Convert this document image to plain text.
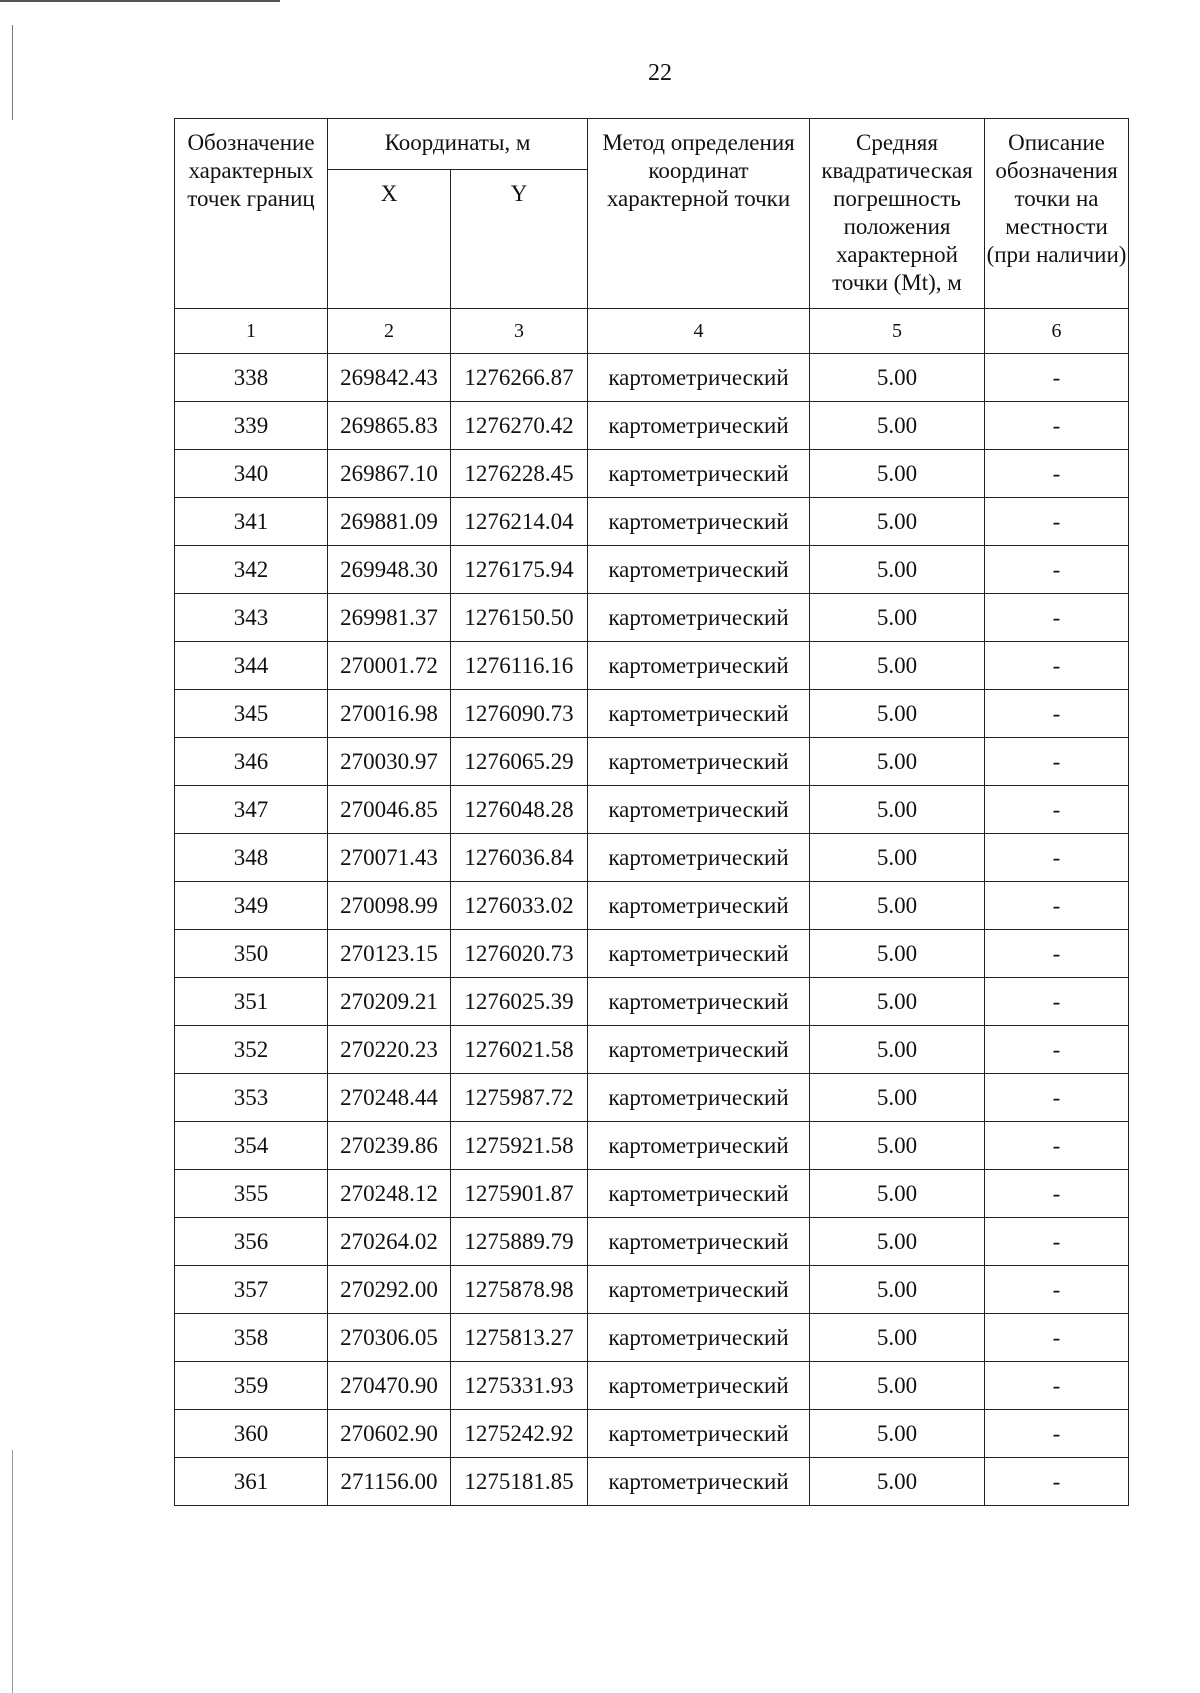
22
Обозначение характерных точек границ	Координаты, м		Метод определения координат характерной точки	Средняя квадратическая погрешность положения характерной точки (Mt), м	Описание обозначения точки на местности (при наличии)
	X	Y			
1	2	3	4	5	6
338	269842.43	1276266.87	картометрический	5.00	-
339	269865.83	1276270.42	картометрический	5.00	-
340	269867.10	1276228.45	картометрический	5.00	-
341	269881.09	1276214.04	картометрический	5.00	-
342	269948.30	1276175.94	картометрический	5.00	-
343	269981.37	1276150.50	картометрический	5.00	-
344	270001.72	1276116.16	картометрический	5.00	-
345	270016.98	1276090.73	картометрический	5.00	-
346	270030.97	1276065.29	картометрический	5.00	-
347	270046.85	1276048.28	картометрический	5.00	-
348	270071.43	1276036.84	картометрический	5.00	-
349	270098.99	1276033.02	картометрический	5.00	-
350	270123.15	1276020.73	картометрический	5.00	-
351	270209.21	1276025.39	картометрический	5.00	-
352	270220.23	1276021.58	картометрический	5.00	-
353	270248.44	1275987.72	картометрический	5.00	-
354	270239.86	1275921.58	картометрический	5.00	-
355	270248.12	1275901.87	картометрический	5.00	-
356	270264.02	1275889.79	картометрический	5.00	-
357	270292.00	1275878.98	картометрический	5.00	-
358	270306.05	1275813.27	картометрический	5.00	-
359	270470.90	1275331.93	картометрический	5.00	-
360	270602.90	1275242.92	картометрический	5.00	-
361	271156.00	1275181.85	картометрический	5.00	-
